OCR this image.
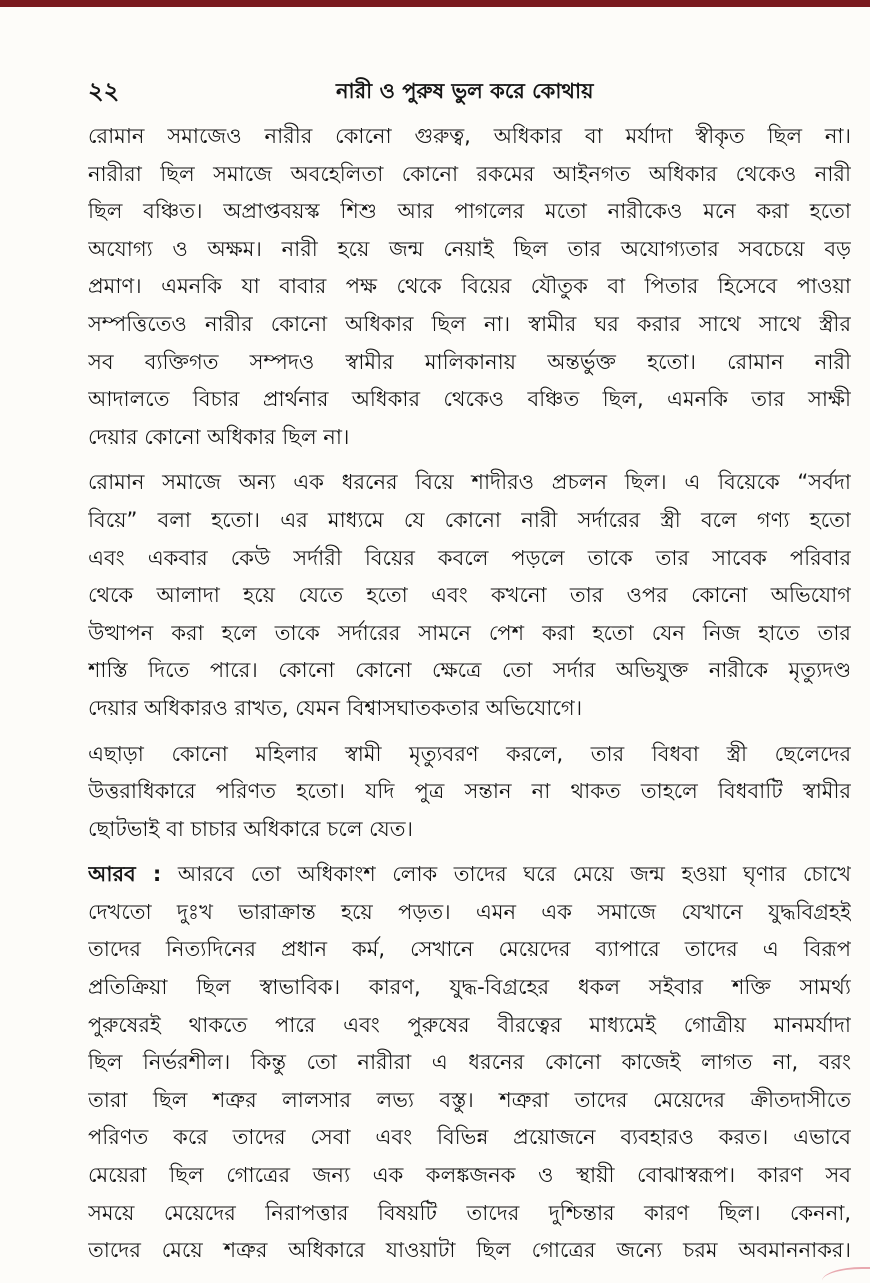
২২	নারী ও পুরুষ ভুল করে কোথায়
রোমান সমাজেও নারীর কোনো গুরুত্ব, অধিকার বা মর্যাদা স্বীকৃত ছিল না।
নারীরা ছিল সমাজে অবহেলিতা কোনো রকমের আইনগত অধিকার থেকেও নারী
ছিল বঞ্চিত। অপ্রাপ্তবয়স্ক শিশু আর পাগলের মতো নারীকেও মনে করা হতো
অযোগ্য ও অক্ষম। নারী হয়ে জন্ম নেয়াই ছিল তার অযোগ্যতার সবচেয়ে বড়
প্রমাণ। এমনকি যা বাবার পক্ষ থেকে বিয়ের যৌতুক বা পিতার হিসেবে পাওয়া
সম্পত্তিতেও নারীর কোনো অধিকার ছিল না। স্বামীর ঘর করার সাথে সাথে স্ত্রীর
সব ব্যক্তিগত সম্পদও স্বামীর মালিকানায় অন্তর্ভুক্ত হতো। রোমান নারী
আদালতে বিচার প্রার্থনার অধিকার থেকেও বঞ্চিত ছিল, এমনকি তার সাক্ষী
দেয়ার কোনো অধিকার ছিল না।
রোমান সমাজে অন্য এক ধরনের বিয়ে শাদীরও প্রচলন ছিল। এ বিয়েকে “সর্বদা
বিয়ে” বলা হতো। এর মাধ্যমে যে কোনো নারী সর্দারের স্ত্রী বলে গণ্য হতো
এবং একবার কেউ সর্দারী বিয়ের কবলে পড়লে তাকে তার সাবেক পরিবার
থেকে আলাদা হয়ে যেতে হতো এবং কখনো তার ওপর কোনো অভিযোগ
উত্থাপন করা হলে তাকে সর্দারের সামনে পেশ করা হতো যেন নিজ হাতে তার
শাস্তি দিতে পারে। কোনো কোনো ক্ষেত্রে তো সর্দার অভিযুক্ত নারীকে মৃত্যুদণ্ড
দেয়ার অধিকারও রাখত, যেমন বিশ্বাসঘাতকতার অভিযোগে।
এছাড়া কোনো মহিলার স্বামী মৃত্যুবরণ করলে, তার বিধবা স্ত্রী ছেলেদের
উত্তরাধিকারে পরিণত হতো। যদি পুত্র সন্তান না থাকত তাহলে বিধবাটি স্বামীর
ছোটভাই বা চাচার অধিকারে চলে যেত।
আরব : আরবে তো অধিকাংশ লোক তাদের ঘরে মেয়ে জন্ম হওয়া ঘৃণার চোখে
দেখতো দুঃখ ভারাক্রান্ত হয়ে পড়ত। এমন এক সমাজে যেখানে যুদ্ধবিগ্রহই
তাদের নিত্যদিনের প্রধান কর্ম, সেখানে মেয়েদের ব্যাপারে তাদের এ বিরূপ
প্রতিক্রিয়া ছিল স্বাভাবিক। কারণ, যুদ্ধ-বিগ্রহের ধকল সইবার শক্তি সামর্থ্য
পুরুষেরই থাকতে পারে এবং পুরুষের বীরত্বের মাধ্যমেই গোত্রীয় মানমর্যাদা
ছিল নির্ভরশীল। কিন্তু তো নারীরা এ ধরনের কোনো কাজেই লাগত না, বরং
তারা ছিল শত্রুর লালসার লভ্য বস্তু। শত্রুরা তাদের মেয়েদের ক্রীতদাসীতে
পরিণত করে তাদের সেবা এবং বিভিন্ন প্রয়োজনে ব্যবহারও করত। এভাবে
মেয়েরা ছিল গোত্রের জন্য এক কলঙ্কজনক ও স্থায়ী বোঝাস্বরূপ। কারণ সব
সময়ে মেয়েদের নিরাপত্তার বিষয়টি তাদের দুশ্চিন্তার কারণ ছিল। কেননা,
তাদের মেয়ে শত্রুর অধিকারে যাওয়াটা ছিল গোত্রের জন্যে চরম অবমাননাকর।
